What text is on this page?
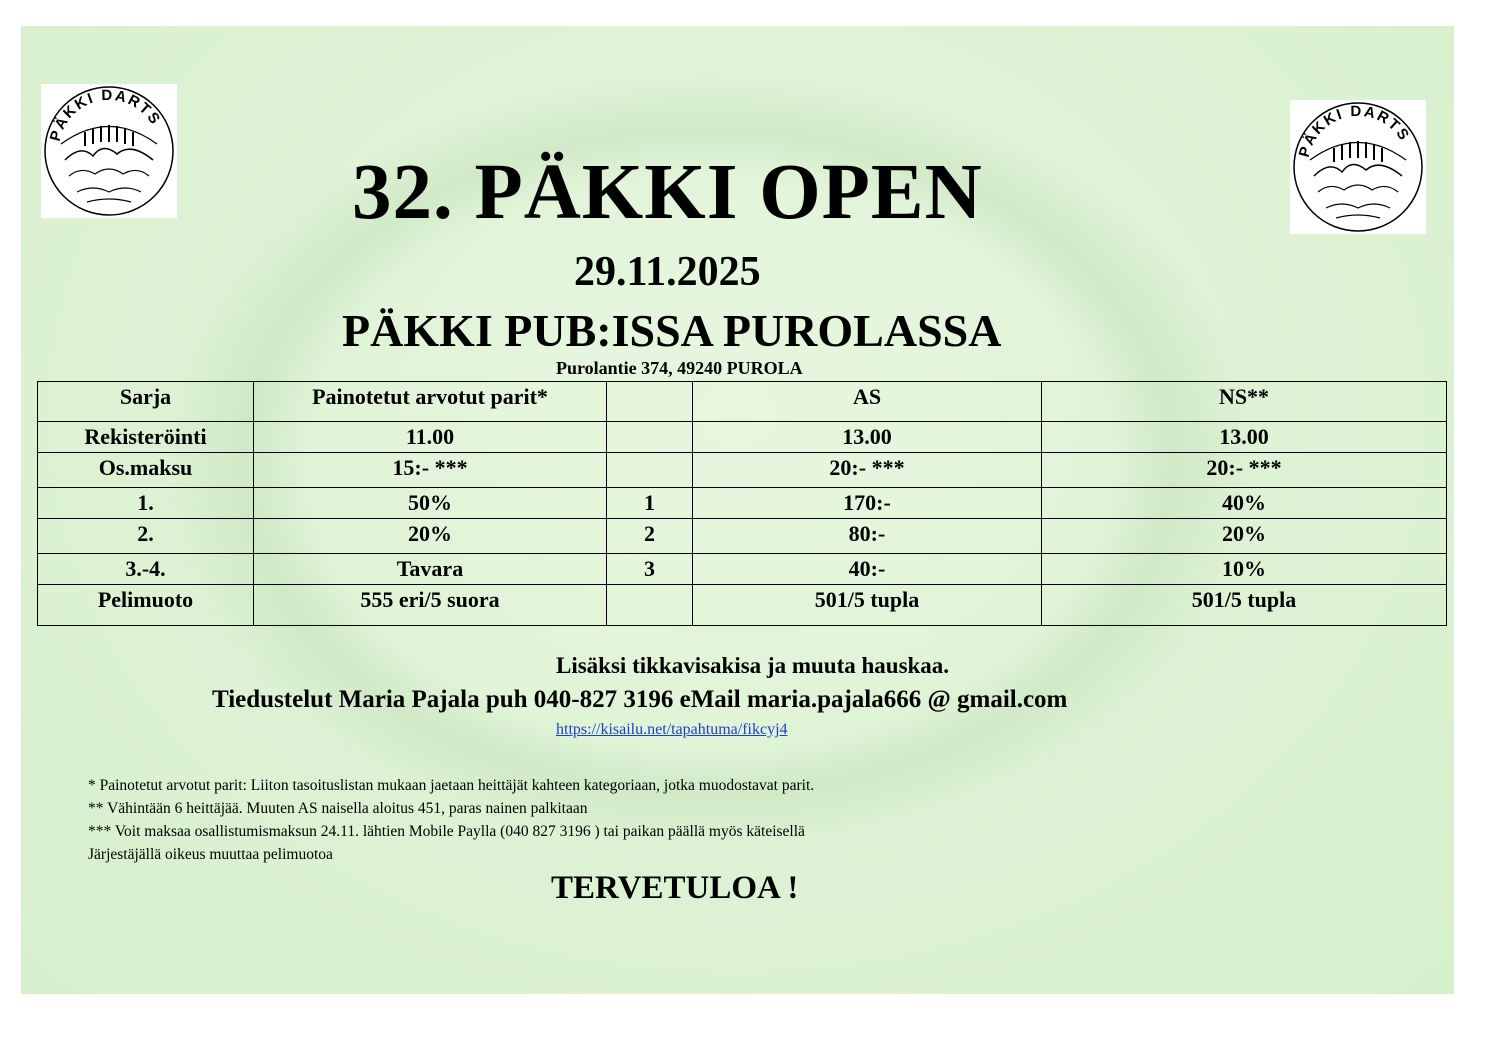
PÄKKI DARTS
PÄKKI DARTS
32. PÄKKI OPEN
29.11.2025
PÄKKI PUB:ISSA PUROLASSA
Purolantie 374, 49240 PUROLA
Sarja	Painotetut arvotut parit*		AS	NS**
Rekisteröinti	11.00		13.00	13.00
Os.maksu	15:- ***		20:- ***	20:- ***
1.	50%	1	170:-	40%
2.	20%	2	80:-	20%
3.-4.	Tavara	3	40:-	10%
Pelimuoto	555 eri/5 suora		501/5 tupla	501/5 tupla
Lisäksi tikkavisakisa ja muuta hauskaa.
Tiedustelut Maria Pajala puh 040-827 3196 eMail maria.pajala666 @ gmail.com
https://kisailu.net/tapahtuma/fikcyj4
* Painotetut arvotut parit: Liiton tasoituslistan mukaan jaetaan heittäjät kahteen kategoriaan, jotka muodostavat parit.
** Vähintään 6 heittäjää. Muuten AS naisella aloitus 451, paras nainen palkitaan
*** Voit maksaa osallistumismaksun 24.11. lähtien Mobile Paylla (040 827 3196 ) tai paikan päällä myös käteisellä
Järjestäjällä oikeus muuttaa pelimuotoa
TERVETULOA !
